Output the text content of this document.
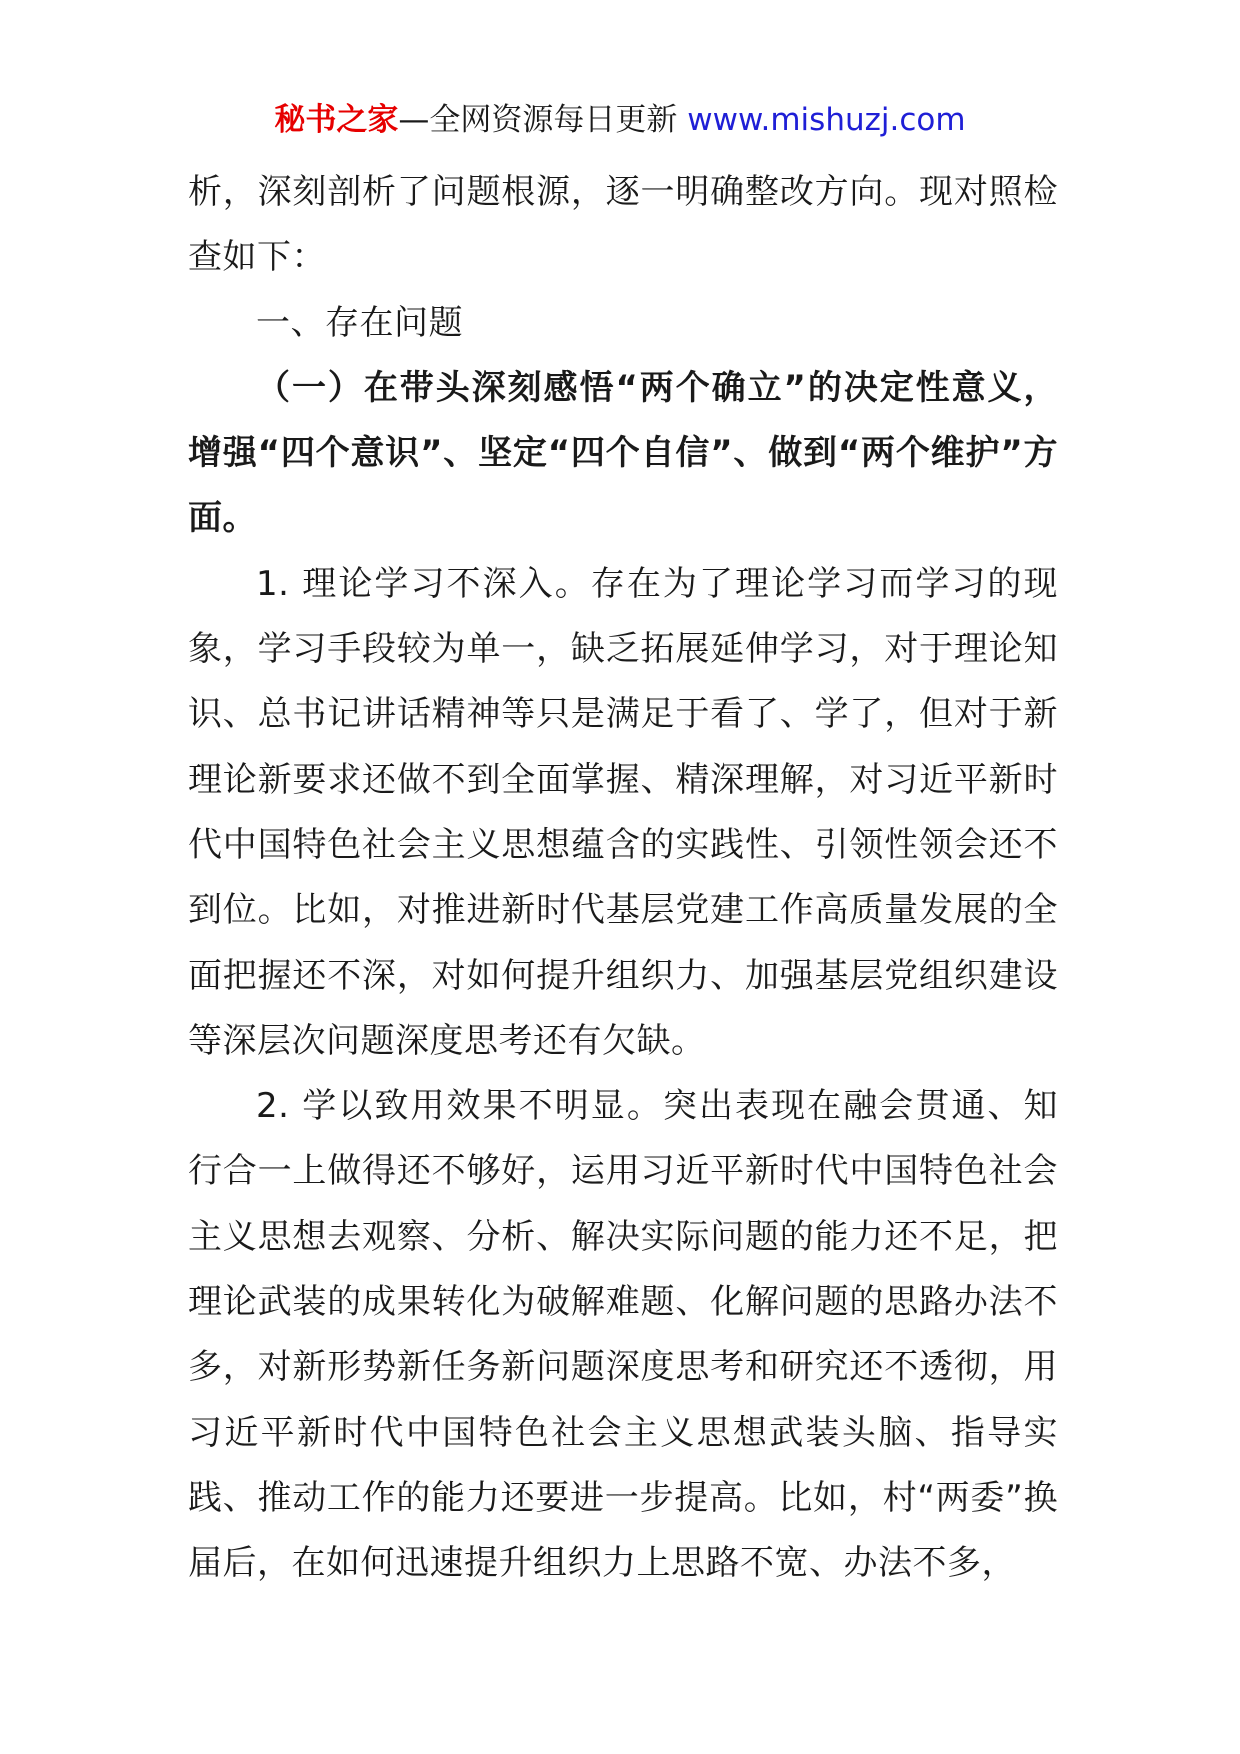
秘书之家—全网资源每日更新 www.mishuzj.com

析，深刻剖析了问题根源，逐一明确整改方向。现对照检查如下：

一、存在问题

（一）在带头深刻感悟“两个确立”的决定性意义，增强“四个意识”、坚定“四个自信”、做到“两个维护”方面。

1. 理论学习不深入。存在为了理论学习而学习的现象，学习手段较为单一，缺乏拓展延伸学习，对于理论知识、总书记讲话精神等只是满足于看了、学了，但对于新理论新要求还做不到全面掌握、精深理解，对习近平新时代中国特色社会主义思想蕴含的实践性、引领性领会还不到位。比如，对推进新时代基层党建工作高质量发展的全面把握还不深，对如何提升组织力、加强基层党组织建设等深层次问题深度思考还有欠缺。

2. 学以致用效果不明显。突出表现在融会贯通、知行合一上做得还不够好，运用习近平新时代中国特色社会主义思想去观察、分析、解决实际问题的能力还不足，把理论武装的成果转化为破解难题、化解问题的思路办法不多，对新形势新任务新问题深度思考和研究还不透彻，用习近平新时代中国特色社会主义思想武装头脑、指导实践、推动工作的能力还要进一步提高。比如，村“两委”换届后，在如何迅速提升组织力上思路不宽、办法不多，
